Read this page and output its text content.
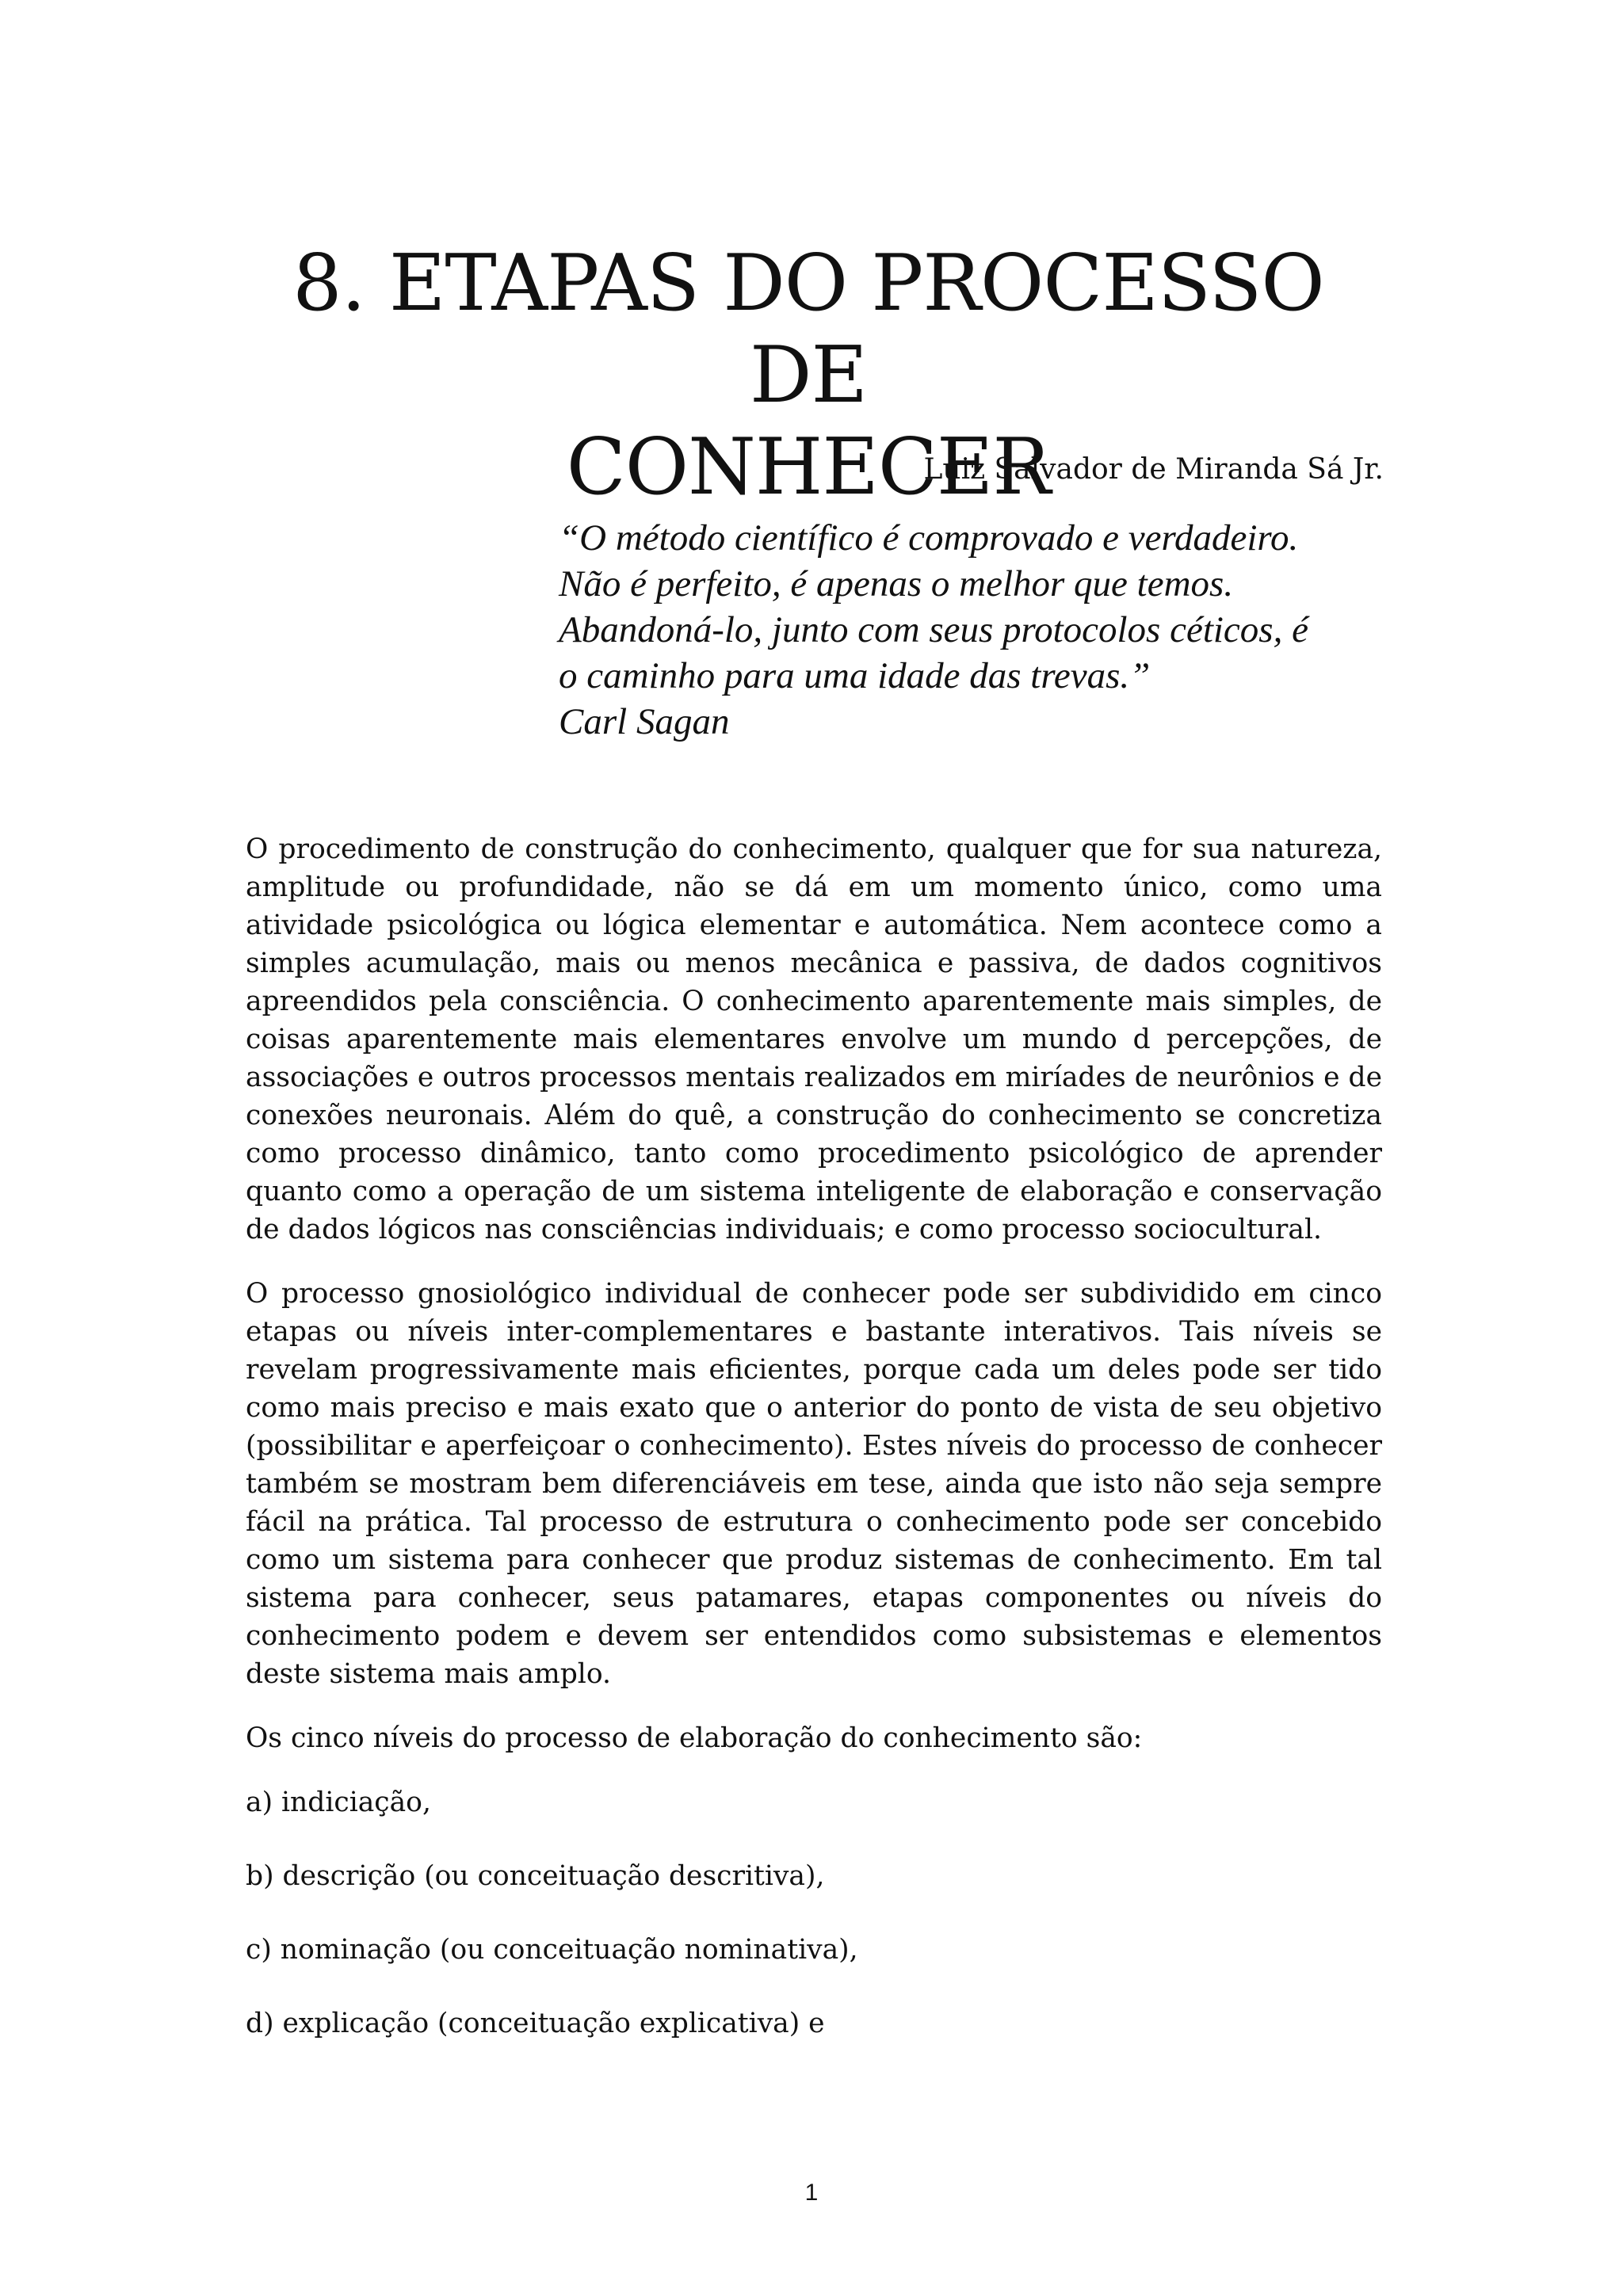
8. ETAPAS DO PROCESSO DE
CONHECER

Luiz Salvador de Miranda Sá Jr.

“O método científico é comprovado e verdadeiro.
Não é perfeito, é apenas o melhor que temos.
Abandoná-lo, junto com seus protocolos céticos, é
o caminho para uma idade das trevas.”
Carl Sagan

O procedimento de construção do conhecimento, qualquer que for sua natureza, amplitude ou profundidade, não se dá em um momento único, como uma atividade psicológica ou lógica elementar e automática. Nem acontece como a simples acumulação, mais ou menos mecânica e passiva, de dados cognitivos apreendidos pela consciência. O conhecimento aparentemente mais simples, de coisas aparentemente mais elementares envolve um mundo d percepções, de associações e outros processos mentais realizados em miríades de neurônios e de conexões neuronais. Além do quê, a construção do conhecimento se concretiza como processo dinâmico, tanto como procedimento psicológico de aprender quanto como a operação de um sistema inteligente de elaboração e conservação de dados lógicos nas consciências individuais; e como processo sociocultural.

O processo gnosiológico individual de conhecer pode ser subdividido em cinco etapas ou níveis inter-complementares e bastante interativos. Tais níveis se revelam progressivamente mais eficientes, porque cada um deles pode ser tido como mais preciso e mais exato que o anterior do ponto de vista de seu objetivo (possibilitar e aperfeiçoar o conhecimento). Estes níveis do processo de conhecer também se mostram bem diferenciáveis em tese, ainda que isto não seja sempre fácil na prática. Tal processo de estrutura o conhecimento pode ser concebido como um sistema para conhecer que produz sistemas de conhecimento. Em tal sistema para conhecer, seus patamares, etapas componentes ou níveis do conhecimento podem e devem ser entendidos como subsistemas e elementos deste sistema mais amplo.

Os cinco níveis do processo de elaboração do conhecimento são:

a) indiciação,

b) descrição (ou conceituação descritiva),

c) nominação (ou conceituação nominativa),

d) explicação (conceituação explicativa) e

1
